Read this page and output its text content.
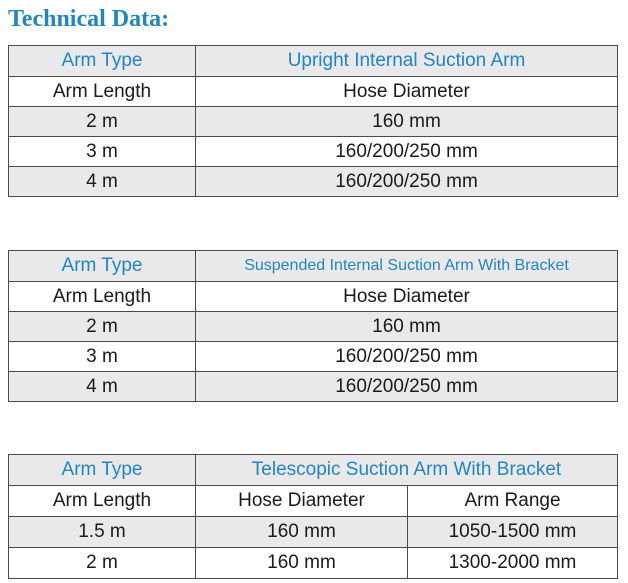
Technical Data:
Arm Type	Upright Internal Suction Arm
Arm Length	Hose Diameter
2 m	160 mm
3 m	160/200/250 mm
4 m	160/200/250 mm
Arm Type	Suspended Internal Suction Arm With Bracket
Arm Length	Hose Diameter
2 m	160 mm
3 m	160/200/250 mm
4 m	160/200/250 mm
Arm Type	Telescopic Suction Arm With Bracket	
Arm Length	Hose Diameter	Arm Range
1.5 m	160 mm	1050-1500 mm
2 m	160 mm	1300-2000 mm
